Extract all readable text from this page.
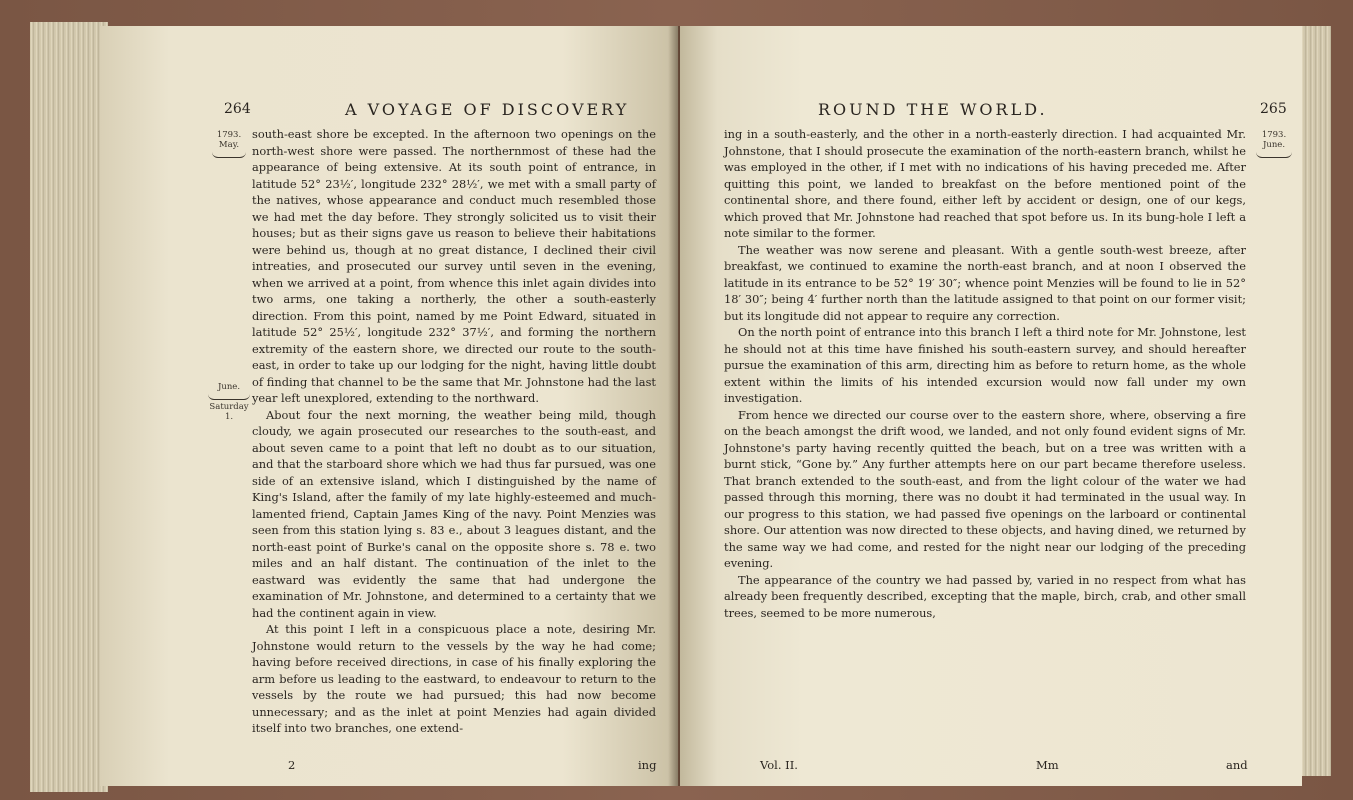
264	A VOYAGE OF DISCOVERY
1793.
May.
June.
Saturday 1.

south-east shore be excepted. In the afternoon two openings on the north-west shore were passed. The northernmost of these had the appearance of being extensive. At its south point of entrance, in latitude 52° 23½′, longitude 232° 28½′, we met with a small party of the natives, whose appearance and conduct much resembled those we had met the day before. They strongly solicited us to visit their houses; but as their signs gave us reason to believe their habitations were behind us, though at no great distance, I declined their civil intreaties, and prosecuted our survey until seven in the evening, when we arrived at a point, from whence this inlet again divides into two arms, one taking a northerly, the other a south-easterly direction. From this point, named by me Point Edward, situated in latitude 52° 25½′, longitude 232° 37½′, and forming the northern extremity of the eastern shore, we directed our route to the south-east, in order to take up our lodging for the night, having little doubt of finding that channel to be the same that Mr. Johnstone had the last year left unexplored, extending to the northward.

About four the next morning, the weather being mild, though cloudy, we again prosecuted our researches to the south-east, and about seven came to a point that left no doubt as to our situation, and that the starboard shore which we had thus far pursued, was one side of an extensive island, which I distinguished by the name of King's Island, after the family of my late highly-esteemed and much-lamented friend, Captain James King of the navy. Point Menzies was seen from this station lying s. 83 e., about 3 leagues distant, and the north-east point of Burke's canal on the opposite shore s. 78 e. two miles and an half distant. The continuation of the inlet to the eastward was evidently the same that had undergone the examination of Mr. Johnstone, and determined to a certainty that we had the continent again in view.

At this point I left in a conspicuous place a note, desiring Mr. Johnstone would return to the vessels by the way he had come; having before received directions, in case of his finally exploring the arm before us leading to the eastward, to endeavour to return to the vessels by the route we had pursued; this had now become unnecessary; and as the inlet at point Menzies had again divided itself into two branches, one extend-

2	ing
ROUND THE WORLD.	265
1793.
June.

ing in a south-easterly, and the other in a north-easterly direction. I had acquainted Mr. Johnstone, that I should prosecute the examination of the north-eastern branch, whilst he was employed in the other, if I met with no indications of his having preceded me. After quitting this point, we landed to breakfast on the before mentioned point of the continental shore, and there found, either left by accident or design, one of our kegs, which proved that Mr. Johnstone had reached that spot before us. In its bung-hole I left a note similar to the former.

The weather was now serene and pleasant. With a gentle south-west breeze, after breakfast, we continued to examine the north-east branch, and at noon I observed the latitude in its entrance to be 52° 19′ 30″; whence point Menzies will be found to lie in 52° 18′ 30″; being 4′ further north than the latitude assigned to that point on our former visit; but its longitude did not appear to require any correction.

On the north point of entrance into this branch I left a third note for Mr. Johnstone, lest he should not at this time have finished his south-eastern survey, and should hereafter pursue the examination of this arm, directing him as before to return home, as the whole extent within the limits of his intended excursion would now fall under my own investigation.

From hence we directed our course over to the eastern shore, where, observing a fire on the beach amongst the drift wood, we landed, and not only found evident signs of Mr. Johnstone's party having recently quitted the beach, but on a tree was written with a burnt stick, “Gone by.” Any further attempts here on our part became therefore useless. That branch extended to the south-east, and from the light colour of the water we had passed through this morning, there was no doubt it had terminated in the usual way. In our progress to this station, we had passed five openings on the larboard or continental shore. Our attention was now directed to these objects, and having dined, we returned by the same way we had come, and rested for the night near our lodging of the preceding evening.

The appearance of the country we had passed by, varied in no respect from what has already been frequently described, excepting that the maple, birch, crab, and other small trees, seemed to be more numerous,

Vol. II.	Mm	and
